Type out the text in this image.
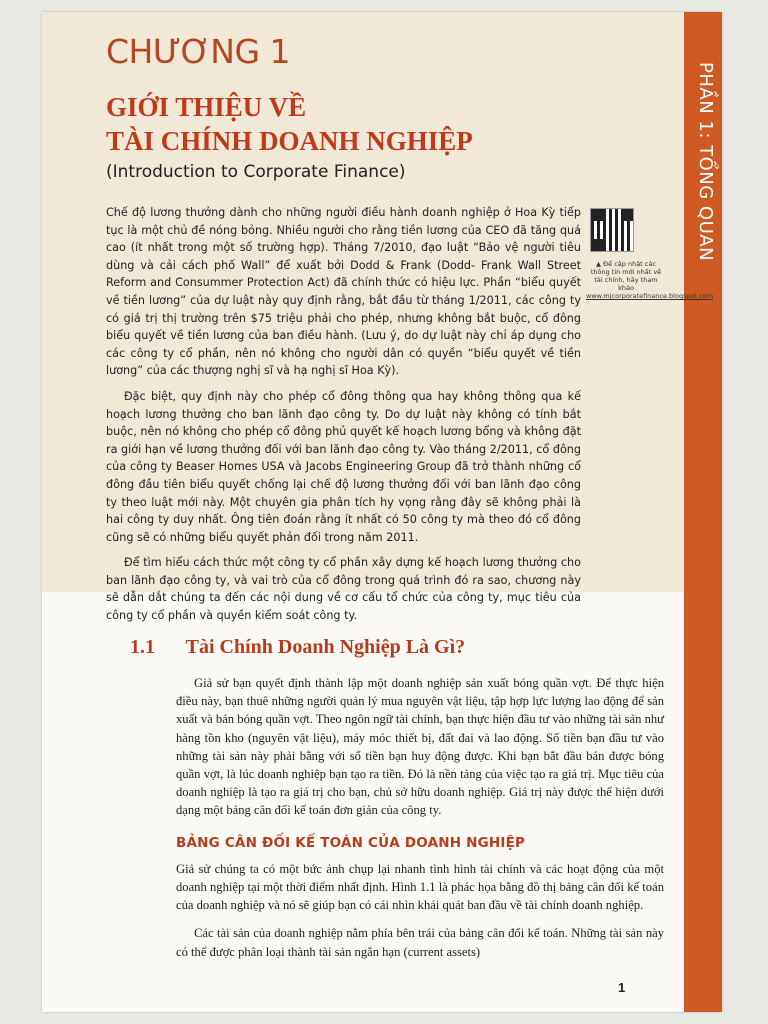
PHẦN 1: TỔNG QUAN
CHƯƠNG 1
GIỚI THIỆU VỀ
TÀI CHÍNH DOANH NGHIỆP
(Introduction to Corporate Finance)

Chế độ lương thưởng dành cho những người điều hành doanh nghiệp ở Hoa Kỳ tiếp tục là một chủ đề nóng bỏng. Nhiều người cho rằng tiền lương của CEO đã tăng quá cao (ít nhất trong một số trường hợp). Tháng 7/2010, đạo luật “Bảo vệ người tiêu dùng và cải cách phố Wall” để xuất bởi Dodd & Frank (Dodd- Frank Wall Street Reform and Consummer Protection Act) đã chính thức có hiệu lực. Phần “biểu quyết về tiền lương” của dự luật này quy định rằng, bắt đầu từ tháng 1/2011, các công ty có giá trị thị trường trên $75 triệu phải cho phép, nhưng không bắt buộc, cổ đông biểu quyết về tiền lương của ban điều hành. (Lưu ý, do dự luật này chỉ áp dụng cho các công ty cổ phần, nên nó không cho người dân có quyền “biểu quyết về tiền lương” của các thượng nghị sĩ và hạ nghị sĩ Hoa Kỳ).

Đặc biệt, quy định này cho phép cổ đông thông qua hay không thông qua kế hoạch lương thưởng cho ban lãnh đạo công ty. Do dự luật này không có tính bắt buộc, nên nó không cho phép cổ đông phủ quyết kế hoạch lương bổng và không đặt ra giới hạn về lương thưởng đối với ban lãnh đạo công ty. Vào tháng 2/2011, cổ đông của công ty Beaser Homes USA và Jacobs Engineering Group đã trở thành những cổ đông đầu tiên biểu quyết chống lại chế độ lương thưởng đối với ban lãnh đạo công ty theo luật mới này. Một chuyên gia phân tích hy vọng rằng đây sẽ không phải là hai công ty duy nhất. Ông tiên đoán rằng ít nhất có 50 công ty mà theo đó cổ đông cũng sẽ có những biểu quyết phản đối trong năm 2011.

Để tìm hiểu cách thức một công ty cổ phần xây dựng kế hoạch lương thưởng cho ban lãnh đạo công ty, và vai trò của cổ đông trong quá trình đó ra sao, chương này sẽ dẫn dắt chúng ta đến các nội dung về cơ cấu tổ chức của công ty, mục tiêu của công ty cổ phần và quyền kiểm soát công ty.

▲ Để cập nhật các thông tin mới nhất về tài chính, hãy tham khảo www.mjcorporatefinance.blogspot.com
1.1 Tài Chính Doanh Nghiệp Là Gì?

Giả sử bạn quyết định thành lập một doanh nghiệp sản xuất bóng quần vợt. Để thực hiện điều này, bạn thuê những người quản lý mua nguyên vật liệu, tập hợp lực lượng lao động để sản xuất và bán bóng quần vợt. Theo ngôn ngữ tài chính, bạn thực hiện đầu tư vào những tài sản như hàng tồn kho (nguyên vật liệu), máy móc thiết bị, đất đai và lao động. Số tiền bạn đầu tư vào những tài sản này phải bằng với số tiền bạn huy động được. Khi bạn bắt đầu bán được bóng quần vợt, là lúc doanh nghiệp bạn tạo ra tiền. Đó là nền tảng của việc tạo ra giá trị. Mục tiêu của doanh nghiệp là tạo ra giá trị cho bạn, chủ sở hữu doanh nghiệp. Giá trị này được thể hiện dưới dạng một bảng cân đối kế toán đơn giản của công ty.

BẢNG CÂN ĐỐI KẾ TOÁN CỦA DOANH NGHIỆP

Giả sử chúng ta có một bức ảnh chụp lại nhanh tình hình tài chính và các hoạt động của một doanh nghiệp tại một thời điểm nhất định. Hình 1.1 là phác họa bằng đồ thị bảng cân đối kế toán của doanh nghiệp và nó sẽ giúp bạn có cái nhìn khái quát ban đầu về tài chính doanh nghiệp.

Các tài sản của doanh nghiệp nằm phía bên trái của bảng cân đối kế toán. Những tài sản này có thể được phân loại thành tài sản ngắn hạn (current assets)

1
